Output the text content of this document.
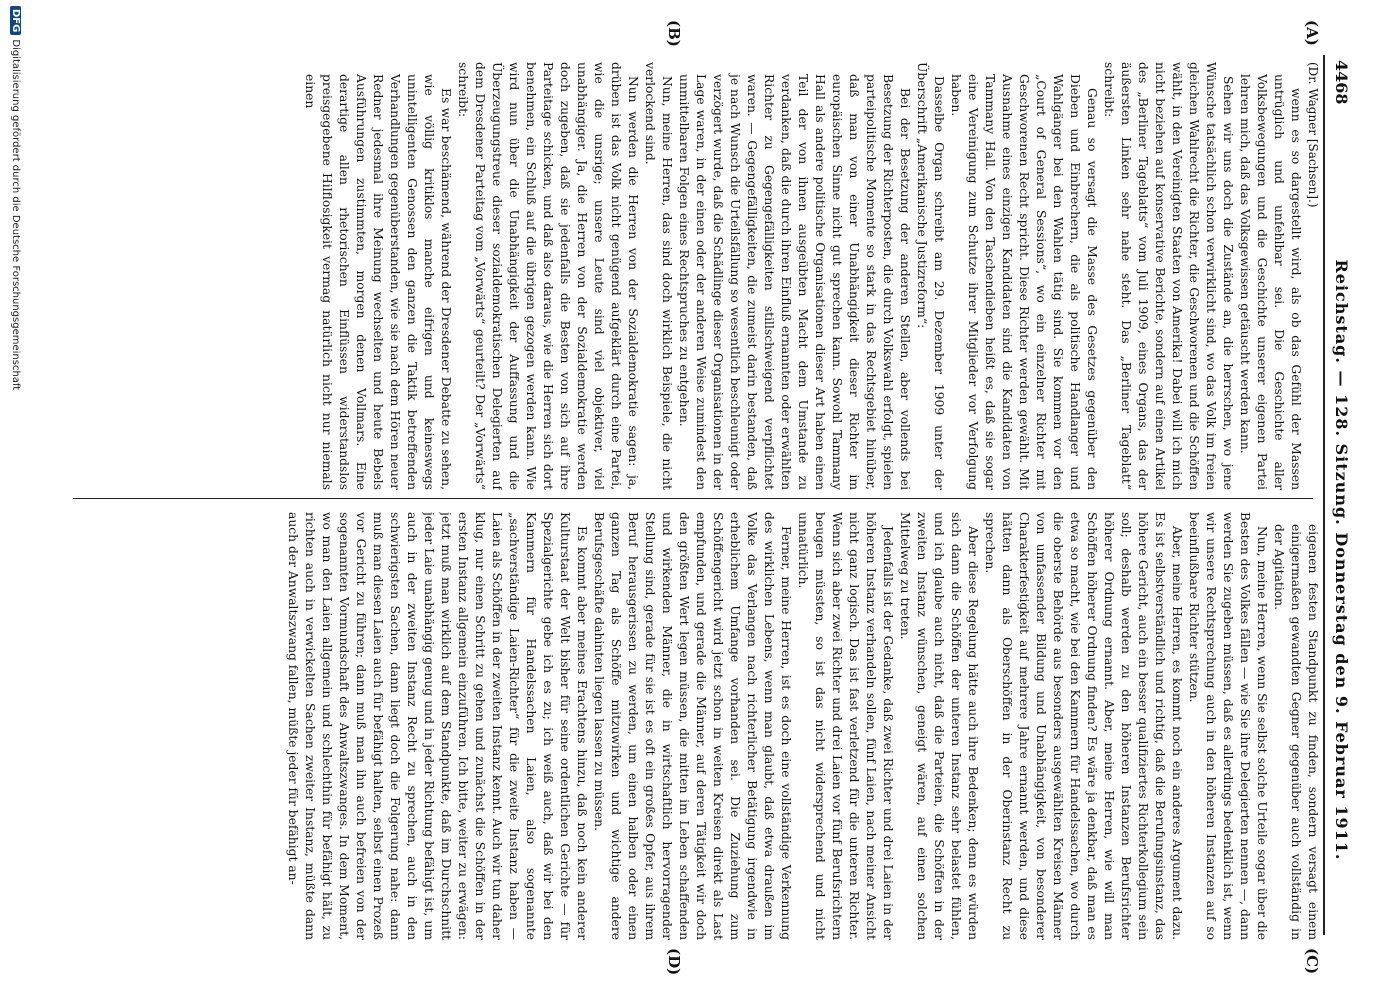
4468
Reichstag. — 128. Sitzung. Donnerstag den 9. Februar 1911.
(A)
(B)
(C)
(D)

(Dr. Wagner [Sachsen].)

wenn es so dargestellt wird, als ob das Gefühl der Massen untrüglich und unfehlbar sei. Die Geschichte aller Volksbewegungen und die Geschichte unserer eigenen Partei lehren mich, daß das Volksgewissen getäuscht werden kann.

Sehen wir uns doch die Zustände an, die herrschen, wo jene Wünsche tatsächlich schon verwirklicht sind, wo das Volk im freien gleichen Wahlrecht die Richter, die Geschworenen und die Schöffen wählt, in den Vereinigten Staaten von Amerika! Dabei will ich mich nicht beziehen auf konservative Berichte, sondern auf einen Artikel des „Berliner Tageblatts“ vom Juli 1909, eines Organs, das der äußersten Linken sehr nahe steht. Das „Berliner Tageblatt“ schreibt:

Genau so versagt die Masse des Gesetzes gegenüber den Dieben und Einbrechern, die als politische Handlanger und Wahlgänger bei den Wahlen tätig sind. Sie kommen vor den „Court of General Sessions“, wo ein einzelner Richter mit Geschworenen Recht spricht. Diese Richter werden gewählt. Mit Ausnahme eines einzigen Kandidaten sind die Kandidaten von Tammany Hall. Von den Taschendieben heißt es, daß sie sogar eine Vereinigung zum Schutze ihrer Mitglieder vor Verfolgung haben.

Dasselbe Organ schreibt am 29. Dezember 1909 unter der Überschrift „Amerikanische Justizreform“:

Bei der Besetzung der anderen Stellen, aber vollends bei Besetzung der Richterposten, die durch Volkswahl erfolgt, spielen parteipolitische Momente so stark in das Rechtsgebiet hinüber, daß man von einer Unabhängigkeit dieser Richter im europäischen Sinne nicht gut sprechen kann. Sowohl Tammany Hall als andere politische Organisationen dieser Art haben einen Teil der von ihnen ausgeübten Macht dem Umstande zu verdanken, daß die durch ihren Einfluß ernannten oder erwählten Richter zu Gegengefälligkeiten stillschweigend verpflichtet waren. — Gegengefälligkeiten, die zumeist darin bestanden, daß je nach Wunsch die Urteilsfällung so wesentlich beschleunigt oder verzögert wurde, daß die Schädlinge dieser Organisationen in der Lage waren, in der einen oder der anderen Weise zumindest den unmittelbaren Folgen eines Rechtspruches zu entgehen.

Nun, meine Herren, das sind doch wirklich Beispiele, die nicht verlockend sind.

Nun werden die Herren von der Sozialdemokratie sagen: ja, drüben ist das Volk nicht genügend aufgeklärt durch eine Partei, wie die unsrige; unsere Leute sind viel objektiver, viel unabhängiger. Ja, die Herren von der Sozialdemokratie werden doch zugeben, daß sie jedenfalls die Besten von sich auf ihre Parteitage schicken, und daß also daraus, wie die Herren sich dort benehmen, ein Schluß auf die übrigen gezogen werden kann. Wie wird nun über die Unabhängigkeit der Auffassung und die Überzeugungstreue dieser sozialdemokratischen Delegierten auf dem Dresdener Parteitag vom „Vorwärts“ geurteilt? Der „Vorwärts“ schreibt:

Es war beschämend, während der Dresdener Debatte zu sehen, wie völlig kritiklos manche eifrigen und keineswegs unintelligenten Genossen den ganzen die Taktik betreffenden Verhandlungen gegenüberstanden, wie sie nach dem Hören neuer Redner jedesmal ihre Meinung wechselten und heute Bebels Ausführungen zustimmten, morgen denen Vollmars. Eine derartige allen rhetorischen Einflüssen widerstandslos preisgegebene Hilflosigkeit vermag natürlich nicht nur niemals einen

eigenen festen Standpunkt zu finden, sondern versagt einem einigermaßen gewandten Gegner gegenüber auch vollständig in der Agitation.

Nun, meine Herren, wenn Sie selbst solche Urteile sogar über die Besten des Volkes fällen — wie Sie ihre Delegierten nennen —, dann werden Sie zugeben müssen, daß es allerdings bedenklich ist, wenn wir unsere Rechtsprechung auch in den höheren Instanzen auf so beeinflußbare Richter stützen.

Aber, meine Herren, es kommt noch ein anderes Argument dazu. Es ist selbstverständlich und richtig, daß die Berufungsinstanz, das höhere Gericht, auch ein besser qualifiziertes Richterkollegium sein soll; deshalb werden zu den höheren Instanzen Berufsrichter höherer Ordnung ernannt. Aber, meine Herren, wie will man Schöffen höherer Ordnung finden? Es wäre ja denkbar, daß man es etwa so macht, wie bei den Kammern für Handelssachen, wo durch die oberste Behörde aus besonders ausgewählten Kreisen Männer von umfassender Bildung und Unabhängigkeit, von besonderer Charakterfestigkeit auf mehrere Jahre ernannt werden, und diese hätten dann als Oberschöffen in der Oberinstanz Recht zu sprechen.

Aber diese Regelung hätte auch ihre Bedenken; denn es würden sich dann die Schöffen der unteren Instanz sehr belastet fühlen, und ich glaube auch nicht, daß die Parteien, die Schöffen in der zweiten Instanz wünschen, geneigt wären, auf einen solchen Mittelweg zu treten.

Jedenfalls ist der Gedanke, daß zwei Richter und drei Laien in der höheren Instanz verhandeln sollen, fünf Laien, nach meiner Ansicht nicht ganz logisch. Das ist fast verletzend für die unteren Richter. Wenn sich aber zwei Richter und drei Laien vor fünf Berufsrichtern beugen müssten, so ist das nicht widersprechend und nicht unnatürlich.

Ferner, meine Herren, ist es doch eine vollständige Verkennung des wirklichen Lebens, wenn man glaubt, daß etwa draußen im Volke das Verlangen nach richterlicher Betätigung irgendwie in erheblichem Umfange vorhanden sei. Die Zuziehung zum Schöffengericht wird jetzt schon in weiten Kreisen direkt als Last empfunden, und gerade die Männer, auf deren Tätigkeit wir doch den größten Wert legen müssen, die mitten im Leben schaffenden und wirkenden Männer, die in wirtschaftlich hervorragender Stellung sind, gerade für sie ist es oft ein großes Opfer, aus ihrem Beruf herausgerissen zu werden, um einen halben oder einen ganzen Tag als Schöffe mitzuwirken und wichtige andere Berufsgeschäfte dahinten liegen lassen zu müssen.

Es kommt aber meines Erachtens hinzu, daß noch kein anderer Kulturstaat der Welt bisher für seine ordentlichen Gerichte — für Spezialgerichte gebe ich es zu; ich weiß auch, daß wir bei den Kammern für Handelssachen Laien, also sogenannte „sachverständige Laien-Richter“ für die zweite Instanz haben — Laien als Schöffen in der zweiten Instanz kennt. Auch wir tun daher klug, nur einen Schritt zu gehen und zunächst die Schöffen in der ersten Instanz allgemein einzuführen. Ich bitte, weiter zu erwägen: jetzt muß man wirklich auf dem Standpunkte, daß im Durchschnitt jeder Laie unabhängig genug und in jeder Richtung befähigt ist, um auch in der zweiten Instanz Recht zu sprechen, auch in den schwierigsten Sachen, dann liegt doch die Folgerung nahe: dann muß man diesen Laien auch für befähigt halten, selbst einen Prozeß vor Gericht zu führen; dann muß man ihn auch befreien von der sogenannten Vormundschaft des Anwaltszwanges. In dem Moment, wo man den Laien allgemein und schlechthin für befähigt hält, zu richten auch in verwickelten Sachen zweiter Instanz, müßte dann auch der Anwaltszwang fallen, müßte jeder für befähigt an-

DFGDigitalisierung gefördert durch die Deutsche Forschungsgemeinschaft
